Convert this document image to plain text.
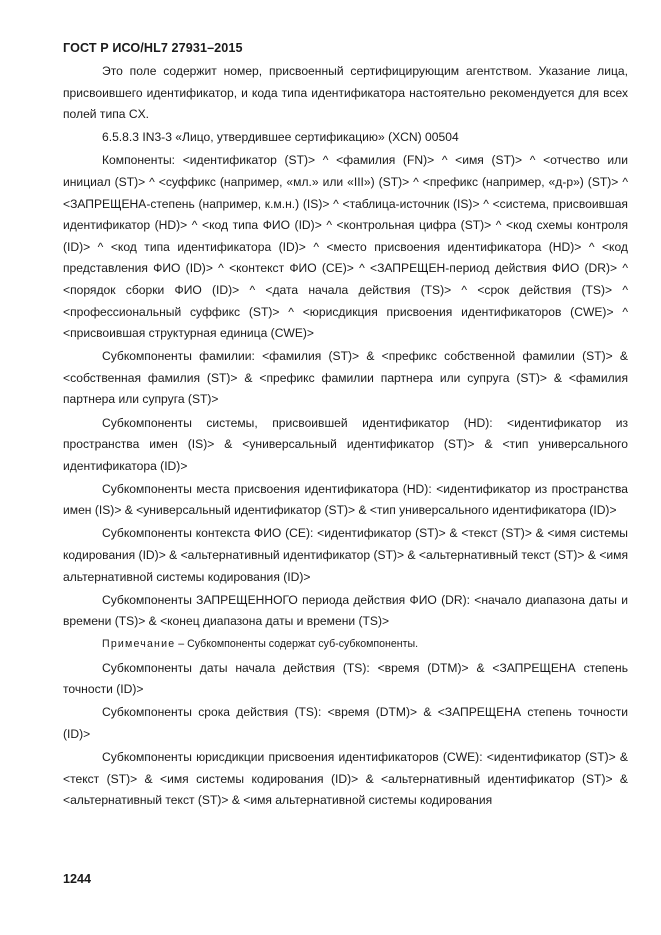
ГОСТ Р ИСО/HL7 27931–2015

Это поле содержит номер, присвоенный сертифицирующим агентством. Указание лица, присвоившего идентификатор, и кода типа идентификатора настоятельно рекомендуется для всех полей типа CX.

6.5.8.3 IN3-3 «Лицо, утвердившее сертификацию» (XCN) 00504

Компоненты: <идентификатор (ST)> ^ <фамилия (FN)> ^ <имя (ST)> ^ <отчество или инициал (ST)> ^ <суффикс (например, «мл.» или «III») (ST)> ^ <префикс (например, «д-р») (ST)> ^ <ЗАПРЕЩЕНА-степень (например, к.м.н.) (IS)> ^ <таблица-источник (IS)> ^ <система, присвоившая идентификатор (HD)> ^ <код типа ФИО (ID)> ^ <контрольная цифра (ST)> ^ <код схемы контроля (ID)> ^ <код типа идентификатора (ID)> ^ <место присвоения идентификатора (HD)> ^ <код представления ФИО (ID)> ^ <контекст ФИО (CE)> ^ <ЗАПРЕЩЕН-период действия ФИО (DR)> ^ <порядок сборки ФИО (ID)> ^ <дата начала действия (TS)> ^ <срок действия (TS)> ^ <профессиональный суффикс (ST)> ^ <юрисдикция присвоения идентификаторов (CWE)> ^ <присвоившая структурная единица (CWE)>

Субкомпоненты фамилии: <фамилия (ST)> & <префикс собственной фамилии (ST)> & <собственная фамилия (ST)> & <префикс фамилии партнера или супруга (ST)> & <фамилия партнера или супруга (ST)>

Субкомпоненты системы, присвоившей идентификатор (HD): <идентификатор из пространства имен (IS)> & <универсальный идентификатор (ST)> & <тип универсального идентификатора (ID)>

Субкомпоненты места присвоения идентификатора (HD): <идентификатор из пространства имен (IS)> & <универсальный идентификатор (ST)> & <тип универсального идентификатора (ID)>

Субкомпоненты контекста ФИО (CE): <идентификатор (ST)> & <текст (ST)> & <имя системы кодирования (ID)> & <альтернативный идентификатор (ST)> & <альтернативный текст (ST)> & <имя альтернативной системы кодирования (ID)>

Субкомпоненты ЗАПРЕЩЕННОГО периода действия ФИО (DR): <начало диапазона даты и времени (TS)> & <конец диапазона даты и времени (TS)>

Примечание – Субкомпоненты содержат суб-субкомпоненты.

Субкомпоненты даты начала действия (TS): <время (DTM)> & <ЗАПРЕЩЕНА степень точности (ID)>

Субкомпоненты срока действия (TS): <время (DTM)> & <ЗАПРЕЩЕНА степень точности (ID)>

Субкомпоненты юрисдикции присвоения идентификаторов (CWE): <идентификатор (ST)> & <текст (ST)> & <имя системы кодирования (ID)> & <альтернативный идентификатор (ST)> & <альтернативный текст (ST)> & <имя альтернативной системы кодирования

1244
